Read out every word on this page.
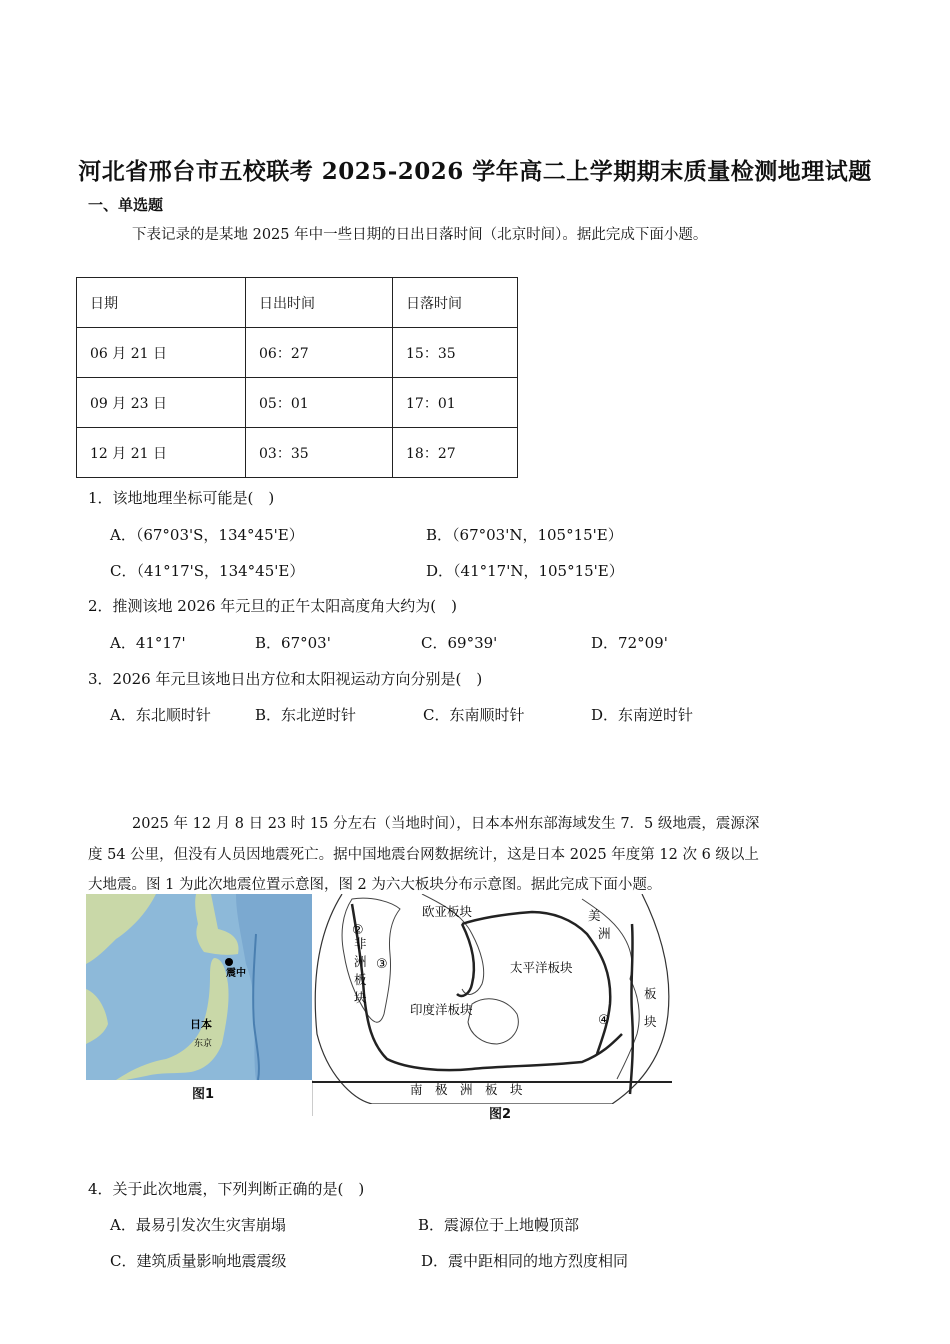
河北省邢台市五校联考 2025-2026 学年高二上学期期末质量检测地理试题
一、单选题
下表记录的是某地 2025 年中一些日期的日出日落时间（北京时间）。据此完成下面小题。
日期	日出时间	日落时间
06 月 21 日	06：27	15：35
09 月 23 日	05：01	17：01
12 月 21 日	03：35	18：27
1．该地地理坐标可能是(　)
A．（67°03'S，134°45'E）	B．（67°03'N，105°15'E）
C．（41°17'S，134°45'E）	D．（41°17'N，105°15'E）
2．推测该地 2026 年元旦的正午太阳高度角大约为(　)
A．41°17'	B．67°03'	C．69°39'	D．72°09'
3．2026 年元旦该地日出方位和太阳视运动方向分别是(　)
A．东北顺时针	B．东北逆时针	C．东南顺时针	D．东南逆时针
2025 年 12 月 8 日 23 时 15 分左右（当地时间），日本本州东部海域发生 7．5 级地震，震源深
度 54 公里，但没有人员因地震死亡。据中国地震台网数据统计，这是日本 2025 年度第 12 次 6 级以上
大地震。图 1 为此次地震位置示意图，图 2 为六大板块分布示意图。据此完成下面小题。
震中
日本
东京
图1
欧亚板块
非
洲
板
块
美
洲
板
块
太平洋板块
印度洋板块
南　极　洲　板　块
②
③
④
图2
4．关于此次地震，下列判断正确的是(　)
A．最易引发次生灾害崩塌	B．震源位于上地幔顶部
C．建筑质量影响地震震级	D．震中距相同的地方烈度相同
